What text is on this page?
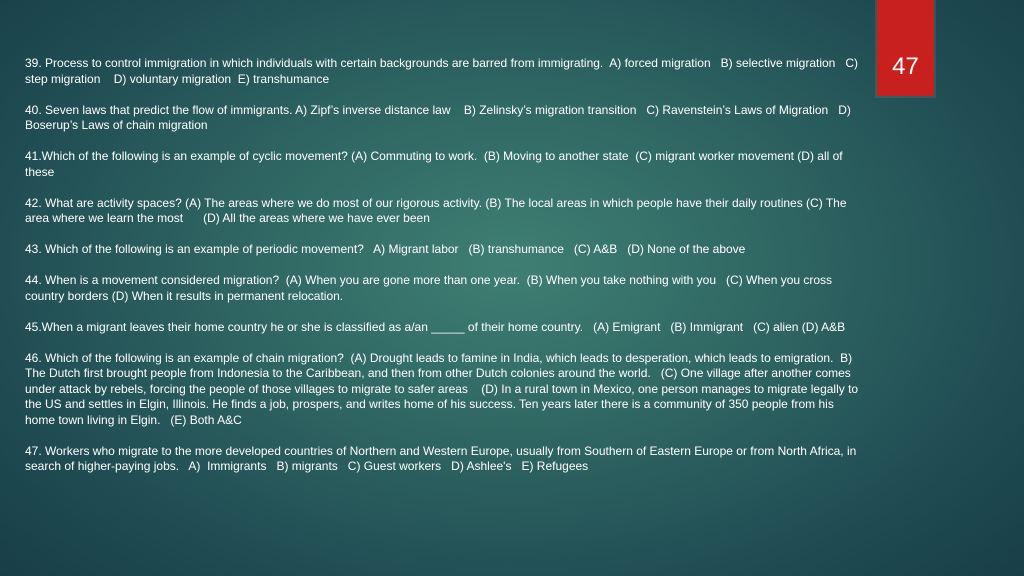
47

39. Process to control immigration in which individuals with certain backgrounds are barred from immigrating.  A) forced migration   B) selective migration   C) step migration    D) voluntary migration  E) transhumance

40. Seven laws that predict the flow of immigrants. A) Zipf’s inverse distance law    B) Zelinsky’s migration transition   C) Ravenstein’s Laws of Migration   D) Boserup’s Laws of chain migration

41.Which of the following is an example of cyclic movement? (A) Commuting to work.  (B) Moving to another state  (C) migrant worker movement (D) all of these

42. What are activity spaces? (A) The areas where we do most of our rigorous activity. (B) The local areas in which people have their daily routines (C) The area where we learn the most      (D) All the areas where we have ever been

43. Which of the following is an example of periodic movement?   A) Migrant labor   (B) transhumance   (C) A&B   (D) None of the above

44. When is a movement considered migration?  (A) When you are gone more than one year.  (B) When you take nothing with you   (C) When you cross country borders (D) When it results in permanent relocation.

45.When a migrant leaves their home country he or she is classified as a/an _____ of their home country.   (A) Emigrant   (B) Immigrant   (C) alien (D) A&B

46. Which of the following is an example of chain migration?  (A) Drought leads to famine in India, which leads to desperation, which leads to emigration.  B) The Dutch first brought people from Indonesia to the Caribbean, and then from other Dutch colonies around the world.   (C) One village after another comes under attack by rebels, forcing the people of those villages to migrate to safer areas    (D) In a rural town in Mexico, one person manages to migrate legally to the US and settles in Elgin, Illinois. He finds a job, prospers, and writes home of his success. Ten years later there is a community of 350 people from his home town living in Elgin.   (E) Both A&C

47. Workers who migrate to the more developed countries of Northern and Western Europe, usually from Southern of Eastern Europe or from North Africa, in search of higher-paying jobs.   A)  Immigrants   B) migrants   C) Guest workers   D) Ashlee's   E) Refugees
